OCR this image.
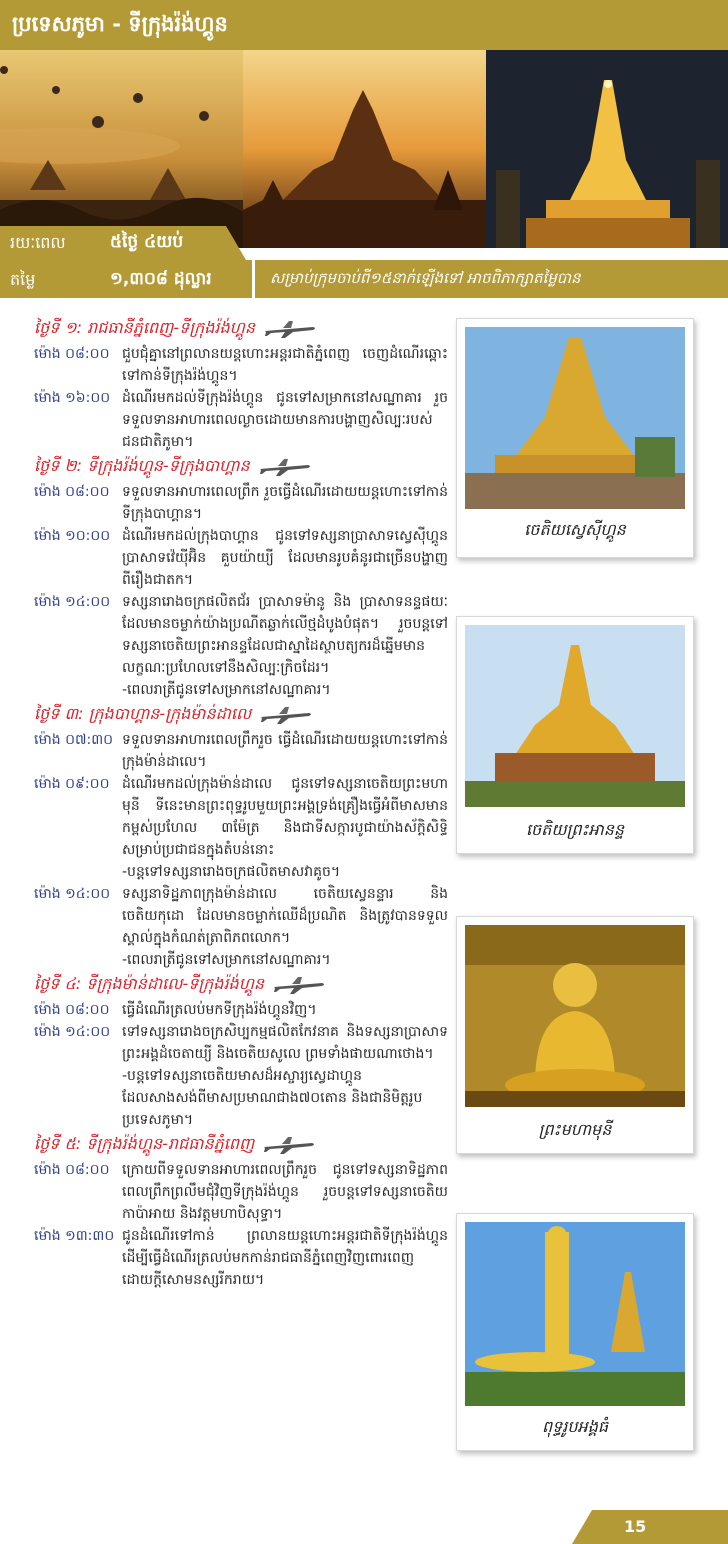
ប្រទេសភូមា - ទីក្រុងរ៉ង់ហ្គូន
រយៈពេល	៥ថ្ងៃ ៤យប់
តម្លៃ	១,៣០៨ ដុល្លារ	សម្រាប់ក្រុមចាប់ពី១៥នាក់ឡើងទៅ អាចពិភាក្សាតម្លៃបាន
ថ្ងៃទី ១: រាជធានីភ្នំពេញ-ទីក្រុងរ៉ង់ហ្គូន
ម៉ោង ០៨:០០ ជួបជុំគ្នានៅព្រលានយន្តហោះអន្តរជាតិភ្នំពេញ ចេញដំណើរឆ្ពោះទៅកាន់ទីក្រុងរ៉ង់ហ្គូន។
ម៉ោង ១៦:០០ ដំណើរមកដល់ទីក្រុងរ៉ង់ហ្គូន ជូនទៅសម្រាកនៅសណ្ឋាគារ រួចទទួលទានអាហារពេលល្ងាចដោយមានការបង្ហាញសិល្បៈរបស់ជនជាតិភូមា។
ថ្ងៃទី ២: ទីក្រុងរ៉ង់ហ្គូន-ទីក្រុងបាហ្គាន
ម៉ោង ០៨:០០ ទទួលទានអាហារពេលព្រឹក រួចធ្វើដំណើរដោយយន្តហោះទៅកាន់ទីក្រុងបាហ្គាន។
ម៉ោង ១០:០០ ដំណើរមកដល់ក្រុងបាហ្គាន ជូនទៅទស្សនាប្រាសាទស្វេស៊ីហ្គូន ប្រាសាទវ៉េយ៉ីអ៊ិន គួបយ៉ាយ្យី ដែលមានរូបគំនូរជាច្រើនបង្ហាញពីរឿងជាតក។
ម៉ោង ១៤:០០ ទស្សនារោងចក្រផលិតជ័រ ប្រាសាទម៉ានូ និង ប្រាសាទនន្ទផយៈ ដែលមានចម្លាក់យ៉ាងប្រណីតឆ្លាក់លើថ្មដំបូងបំផុត។ រួចបន្តទៅទស្សនាចេតិយព្រះអានន្ទដែលជាស្នាដៃស្ថាបត្យករដ៏ឆ្នើមមានលក្ខណៈប្រហែលទៅនឹងសិល្បៈក្រិចដែរ។
-ពេលរាត្រីជូនទៅសម្រាកនៅសណ្ឋាគារ។
ថ្ងៃទី ៣: ក្រុងបាហ្គាន-ក្រុងម៉ាន់ដាលេ
ម៉ោង ០៧:៣០ ទទួលទានអាហារពេលព្រឹករួច ធ្វើដំណើរដោយយន្តហោះទៅកាន់ក្រុងម៉ាន់ដាលេ។
ម៉ោង ០៩:០០ ដំណើរមកដល់ក្រុងម៉ាន់ដាលេ ជូនទៅទស្សនាចេតិយព្រះមហាមុនី ទីនេះមានព្រះពុទ្ធរូបមួយព្រះអង្គទ្រង់គ្រឿងធ្វើអំពីមាសមានកម្ពស់ប្រហែល ៣ម៉ែត្រ និងជាទីសក្ការបូជាយ៉ាងស័ក្តិសិទ្ធិសម្រាប់ប្រជាជនក្នុងតំបន់នោះ
-បន្តទៅទស្សនារោងចក្រផលិតមាសវាគូច។
ម៉ោង ១៤:០០ ទស្សនាទិដ្ឋភាពក្រុងម៉ាន់ដាលេ ចេតិយស្វេនន្ទារ និង ចេតិយកុដោ ដែលមានចម្លាក់ឈើដ៏ប្រណិត និងត្រូវបានទទួលស្គាល់ក្នុងកំណត់ត្រាពិភពលោក។
-ពេលរាត្រីជូនទៅសម្រាកនៅសណ្ឋាគារ។
ថ្ងៃទី ៤: ទីក្រុងម៉ាន់ដាលេ-ទីក្រុងរ៉ង់ហ្គូន
ម៉ោង ០៨:០០ ធ្វើដំណើរត្រលប់មកទីក្រុងរ៉ង់ហ្គូនវិញ។
ម៉ោង ១៤:០០ ទៅទស្សនារោងចក្រសិប្បកម្មផលិតកែវនាគ និងទស្សនាប្រាសាទព្រះអង្គដំចេតាយ្យី និងចេតិយសូលេ ព្រមទាំងផាយណាថោង។
-បន្តទៅទស្សនាចេតិយមាសដ៏អស្ចារ្យស្វេដាហ្គូន ដែលសាងសង់ពីមាសប្រមាណជាង៧០តោន និងជានិមិត្តរូបប្រទេសភូមា។
ថ្ងៃទី ៥: ទីក្រុងរ៉ង់ហ្គូន-រាជធានីភ្នំពេញ
ម៉ោង ០៨:០០ ក្រោយពីទទួលទានអាហារពេលព្រឹករួច ជូនទៅទស្សនាទិដ្ឋភាពពេលព្រឹកព្រលឹមជុំវិញទីក្រុងរ៉ង់ហ្គូន រួចបន្តទៅទស្សនាចេតិយកាប៉ាអាយ និងវត្តមហាបិសុទ្ធា។
ម៉ោង ១៣:៣០ ជូនដំណើរទៅកាន់ ព្រលានយន្តហោះអន្តរជាតិទីក្រុងរ៉ង់ហ្គូន ដើម្បីធ្វើដំណើរត្រលប់មកកាន់រាជធានីភ្នំពេញវិញពោរពេញដោយក្តីសោមនស្សរីករាយ។
ចេតិយស្វេស៊ីហ្គូន
ចេតិយព្រះអានន្ទ
ព្រះមហាមុនី
ពុទ្ធរូបអង្គធំ
15
